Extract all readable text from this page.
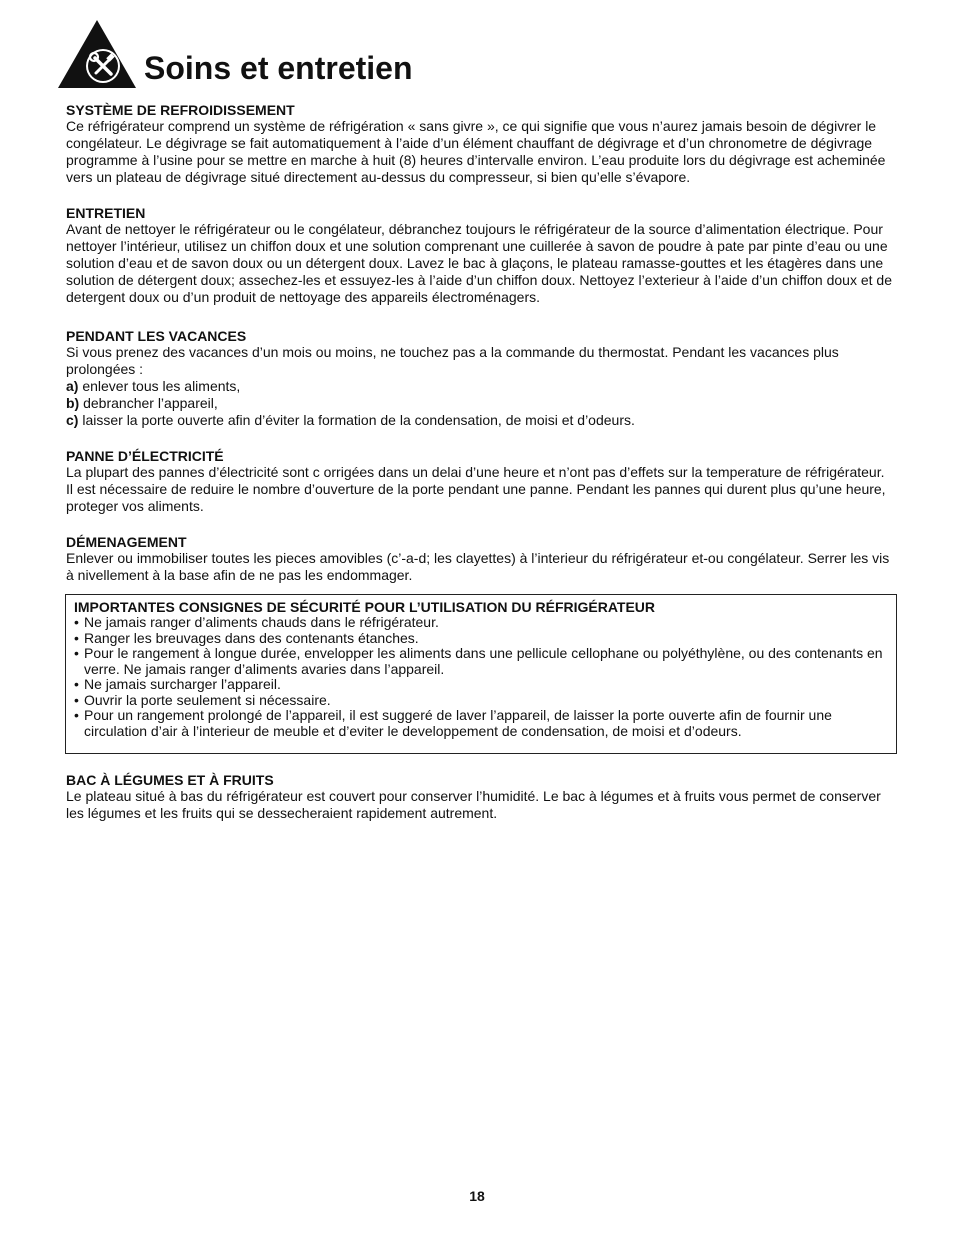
Soins et entretien
SYSTÈME DE REFROIDISSEMENT

Ce réfrigérateur comprend un système de réfrigération « sans givre », ce qui signifie que vous n’aurez jamais besoin de dégivrer le congélateur. Le dégivrage se fait automatiquement à l’aide d’un élément chauffant de dégivrage et d’un chronometre de dégivrage programme à l’usine pour se mettre en marche à huit (8) heures d’intervalle environ. L’eau produite lors du dégivrage est acheminée vers un plateau de dégivrage situé directement au-dessus du compresseur, si bien qu’elle s’évapore.

ENTRETIEN

Avant de nettoyer le réfrigérateur ou le congélateur, débranchez toujours le réfrigérateur de la source d’alimentation électrique. Pour nettoyer l’intérieur, utilisez un chiffon doux et une solution comprenant une cuillerée à savon de poudre à pate par pinte d’eau ou une solution d’eau et de savon doux ou un détergent doux. Lavez le bac à glaçons, le plateau ramasse-gouttes et les étagères dans une solution de détergent doux; assechez-les et essuyez-les à l’aide d’un chiffon doux. Nettoyez l’exterieur à l’aide d’un chiffon doux et de detergent doux ou d’un produit de nettoyage des appareils électroménagers.

PENDANT LES VACANCES

Si vous prenez des vacances d’un mois ou moins, ne touchez pas a la commande du thermostat. Pendant les vacances plus prolongées :

a) enlever tous les aliments,
b) debrancher l’appareil,
c) laisser la porte ouverte afin d’éviter la formation de la condensation, de moisi et d’odeurs.
PANNE D’ÉLECTRICITÉ

La plupart des pannes d’électricité sont c orrigées dans un delai d’une heure et n’ont pas d’effets sur la temperature de réfrigérateur. Il est nécessaire de reduire le nombre d’ouverture de la porte pendant une panne. Pendant les pannes qui durent plus qu’une heure, proteger vos aliments.

DÉMENAGEMENT

Enlever ou immobiliser toutes les pieces amovibles (c’-a-d; les clayettes) à l’interieur du réfrigérateur et-ou congélateur. Serrer les vis à nivellement à la base afin de ne pas les endommager.

IMPORTANTES CONSIGNES DE SÉCURITÉ POUR L’UTILISATION DU RÉFRIGÉRATEUR
• Ne jamais ranger d’aliments chauds dans le réfrigérateur.
• Ranger les breuvages dans des contenants étanches.
• Pour le rangement à longue durée, envelopper les aliments dans une pellicule cellophane ou polyéthylène, ou des contenants en verre. Ne jamais ranger d’aliments avaries dans l’appareil.
• Ne jamais surcharger l’appareil.
• Ouvrir la porte seulement si nécessaire.
• Pour un rangement prolongé de l’appareil, il est suggeré de laver l’appareil, de laisser la porte ouverte afin de fournir une circulation d’air à l’interieur de meuble et d’eviter le developpement de condensation, de moisi et d’odeurs.
BAC À LÉGUMES ET À FRUITS

Le plateau situé à bas du réfrigérateur est couvert pour conserver l’humidité. Le bac à légumes et à fruits vous permet de conserver les légumes et les fruits qui se dessecheraient rapidement autrement.

18
